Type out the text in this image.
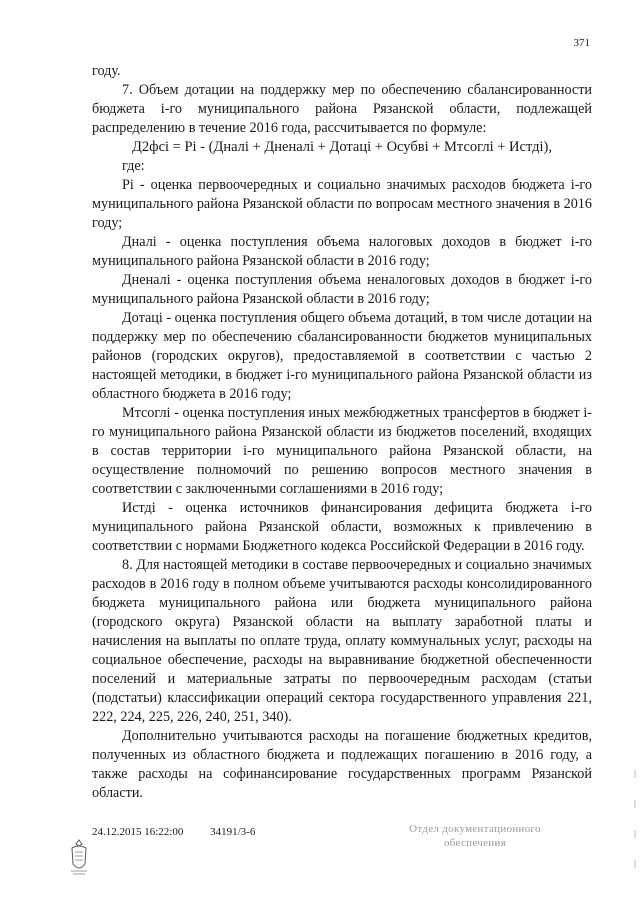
371

году.

7. Объем дотации на поддержку мер по обеспечению сбалансированности бюджета i-го муниципального района Рязанской области, подлежащей распределению в течение 2016 года, рассчитывается по формуле:

Д2фсi = Pi - (Дналi + Дненалi + Дотацi + Осубвi + Мтсоглi + Истдi),

где:

Pi - оценка первоочередных и социально значимых расходов бюджета i-го муниципального района Рязанской области по вопросам местного значения в 2016 году;

Дналi - оценка поступления объема налоговых доходов в бюджет i-го муниципального района Рязанской области в 2016 году;

Дненалi - оценка поступления объема неналоговых доходов в бюджет i-го муниципального района Рязанской области в 2016 году;

Дотацi - оценка поступления общего объема дотаций, в том числе дотации на поддержку мер по обеспечению сбалансированности бюджетов муниципальных районов (городских округов), предоставляемой в соответствии с частью 2 настоящей методики, в бюджет i-го муниципального района Рязанской области из областного бюджета в 2016 году;

Мтсоглi - оценка поступления иных межбюджетных трансфертов в бюджет i-го муниципального района Рязанской области из бюджетов поселений, входящих в состав территории i-го муниципального района Рязанской области, на осуществление полномочий по решению вопросов местного значения в соответствии с заключенными соглашениями в 2016 году;

Истдi - оценка источников финансирования дефицита бюджета i-го муниципального района Рязанской области, возможных к привлечению в соответствии с нормами Бюджетного кодекса Российской Федерации в 2016 году.

8. Для настоящей методики в составе первоочередных и социально значимых расходов в 2016 году в полном объеме учитываются расходы консолидированного бюджета муниципального района или бюджета муниципального района (городского округа) Рязанской области на выплату заработной платы и начисления на выплаты по оплате труда, оплату коммунальных услуг, расходы на социальное обеспечение, расходы на выравнивание бюджетной обеспеченности поселений и материальные затраты по первоочередным расходам (статьи (подстатьи) классификации операций сектора государственного управления 221, 222, 224, 225, 226, 240, 251, 340).

Дополнительно учитываются расходы на погашение бюджетных кредитов, полученных из областного бюджета и подлежащих погашению в 2016 году, а также расходы на софинансирование государственных программ Рязанской области.

24.12.2015 16:22:00 34191/3-6	Отдел документационного
обеспечения
